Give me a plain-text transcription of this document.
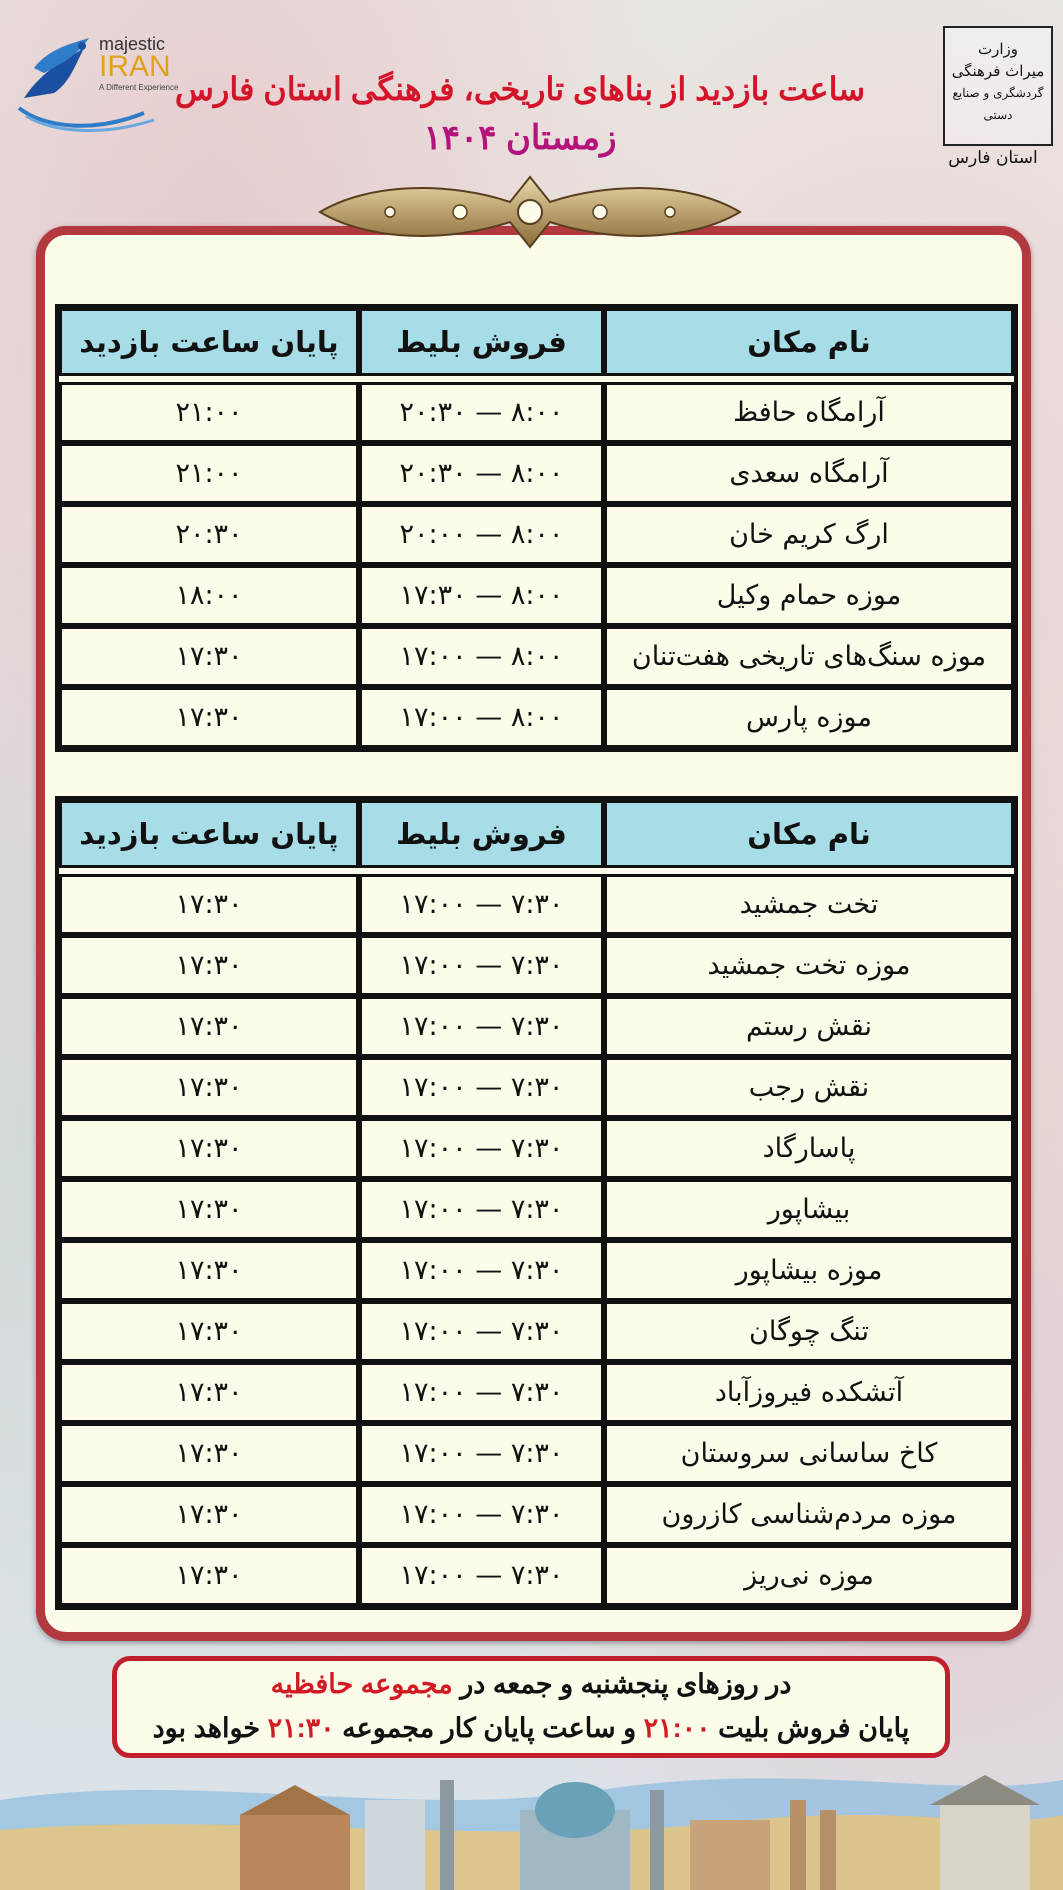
majestic
IRAN
A Different Experience
وزارت
میراث فرهنگی
گردشگری و صنایع دستی
استان فارس
ساعت بازدید از بناهای تاریخی، فرهنگی استان فارس
زمستان ۱۴۰۴
نام مکان	فروش بلیط	پایان ساعت بازدید

آرامگاه حافظ	۸:۰۰ — ۲۰:۳۰	۲۱:۰۰
آرامگاه سعدی	۸:۰۰ — ۲۰:۳۰	۲۱:۰۰
ارگ کریم خان	۸:۰۰ — ۲۰:۰۰	۲۰:۳۰
موزه حمام وکیل	۸:۰۰ — ۱۷:۳۰	۱۸:۰۰
موزه سنگ‌های تاریخی هفت‌تنان	۸:۰۰ — ۱۷:۰۰	۱۷:۳۰
موزه پارس	۸:۰۰ — ۱۷:۰۰	۱۷:۳۰
نام مکان	فروش بلیط	پایان ساعت بازدید

تخت جمشید	۷:۳۰ — ۱۷:۰۰	۱۷:۳۰
موزه تخت جمشید	۷:۳۰ — ۱۷:۰۰	۱۷:۳۰
نقش رستم	۷:۳۰ — ۱۷:۰۰	۱۷:۳۰
نقش رجب	۷:۳۰ — ۱۷:۰۰	۱۷:۳۰
پاسارگاد	۷:۳۰ — ۱۷:۰۰	۱۷:۳۰
بیشاپور	۷:۳۰ — ۱۷:۰۰	۱۷:۳۰
موزه بیشاپور	۷:۳۰ — ۱۷:۰۰	۱۷:۳۰
تنگ چوگان	۷:۳۰ — ۱۷:۰۰	۱۷:۳۰
آتشکده فیروزآباد	۷:۳۰ — ۱۷:۰۰	۱۷:۳۰
کاخ ساسانی سروستان	۷:۳۰ — ۱۷:۰۰	۱۷:۳۰
موزه مردم‌شناسی کازرون	۷:۳۰ — ۱۷:۰۰	۱۷:۳۰
موزه نی‌ریز	۷:۳۰ — ۱۷:۰۰	۱۷:۳۰
در روزهای پنجشنبه و جمعه در مجموعه حافظیه
پایان فروش بلیت ۲۱:۰۰ و ساعت پایان کار مجموعه ۲۱:۳۰ خواهد بود
